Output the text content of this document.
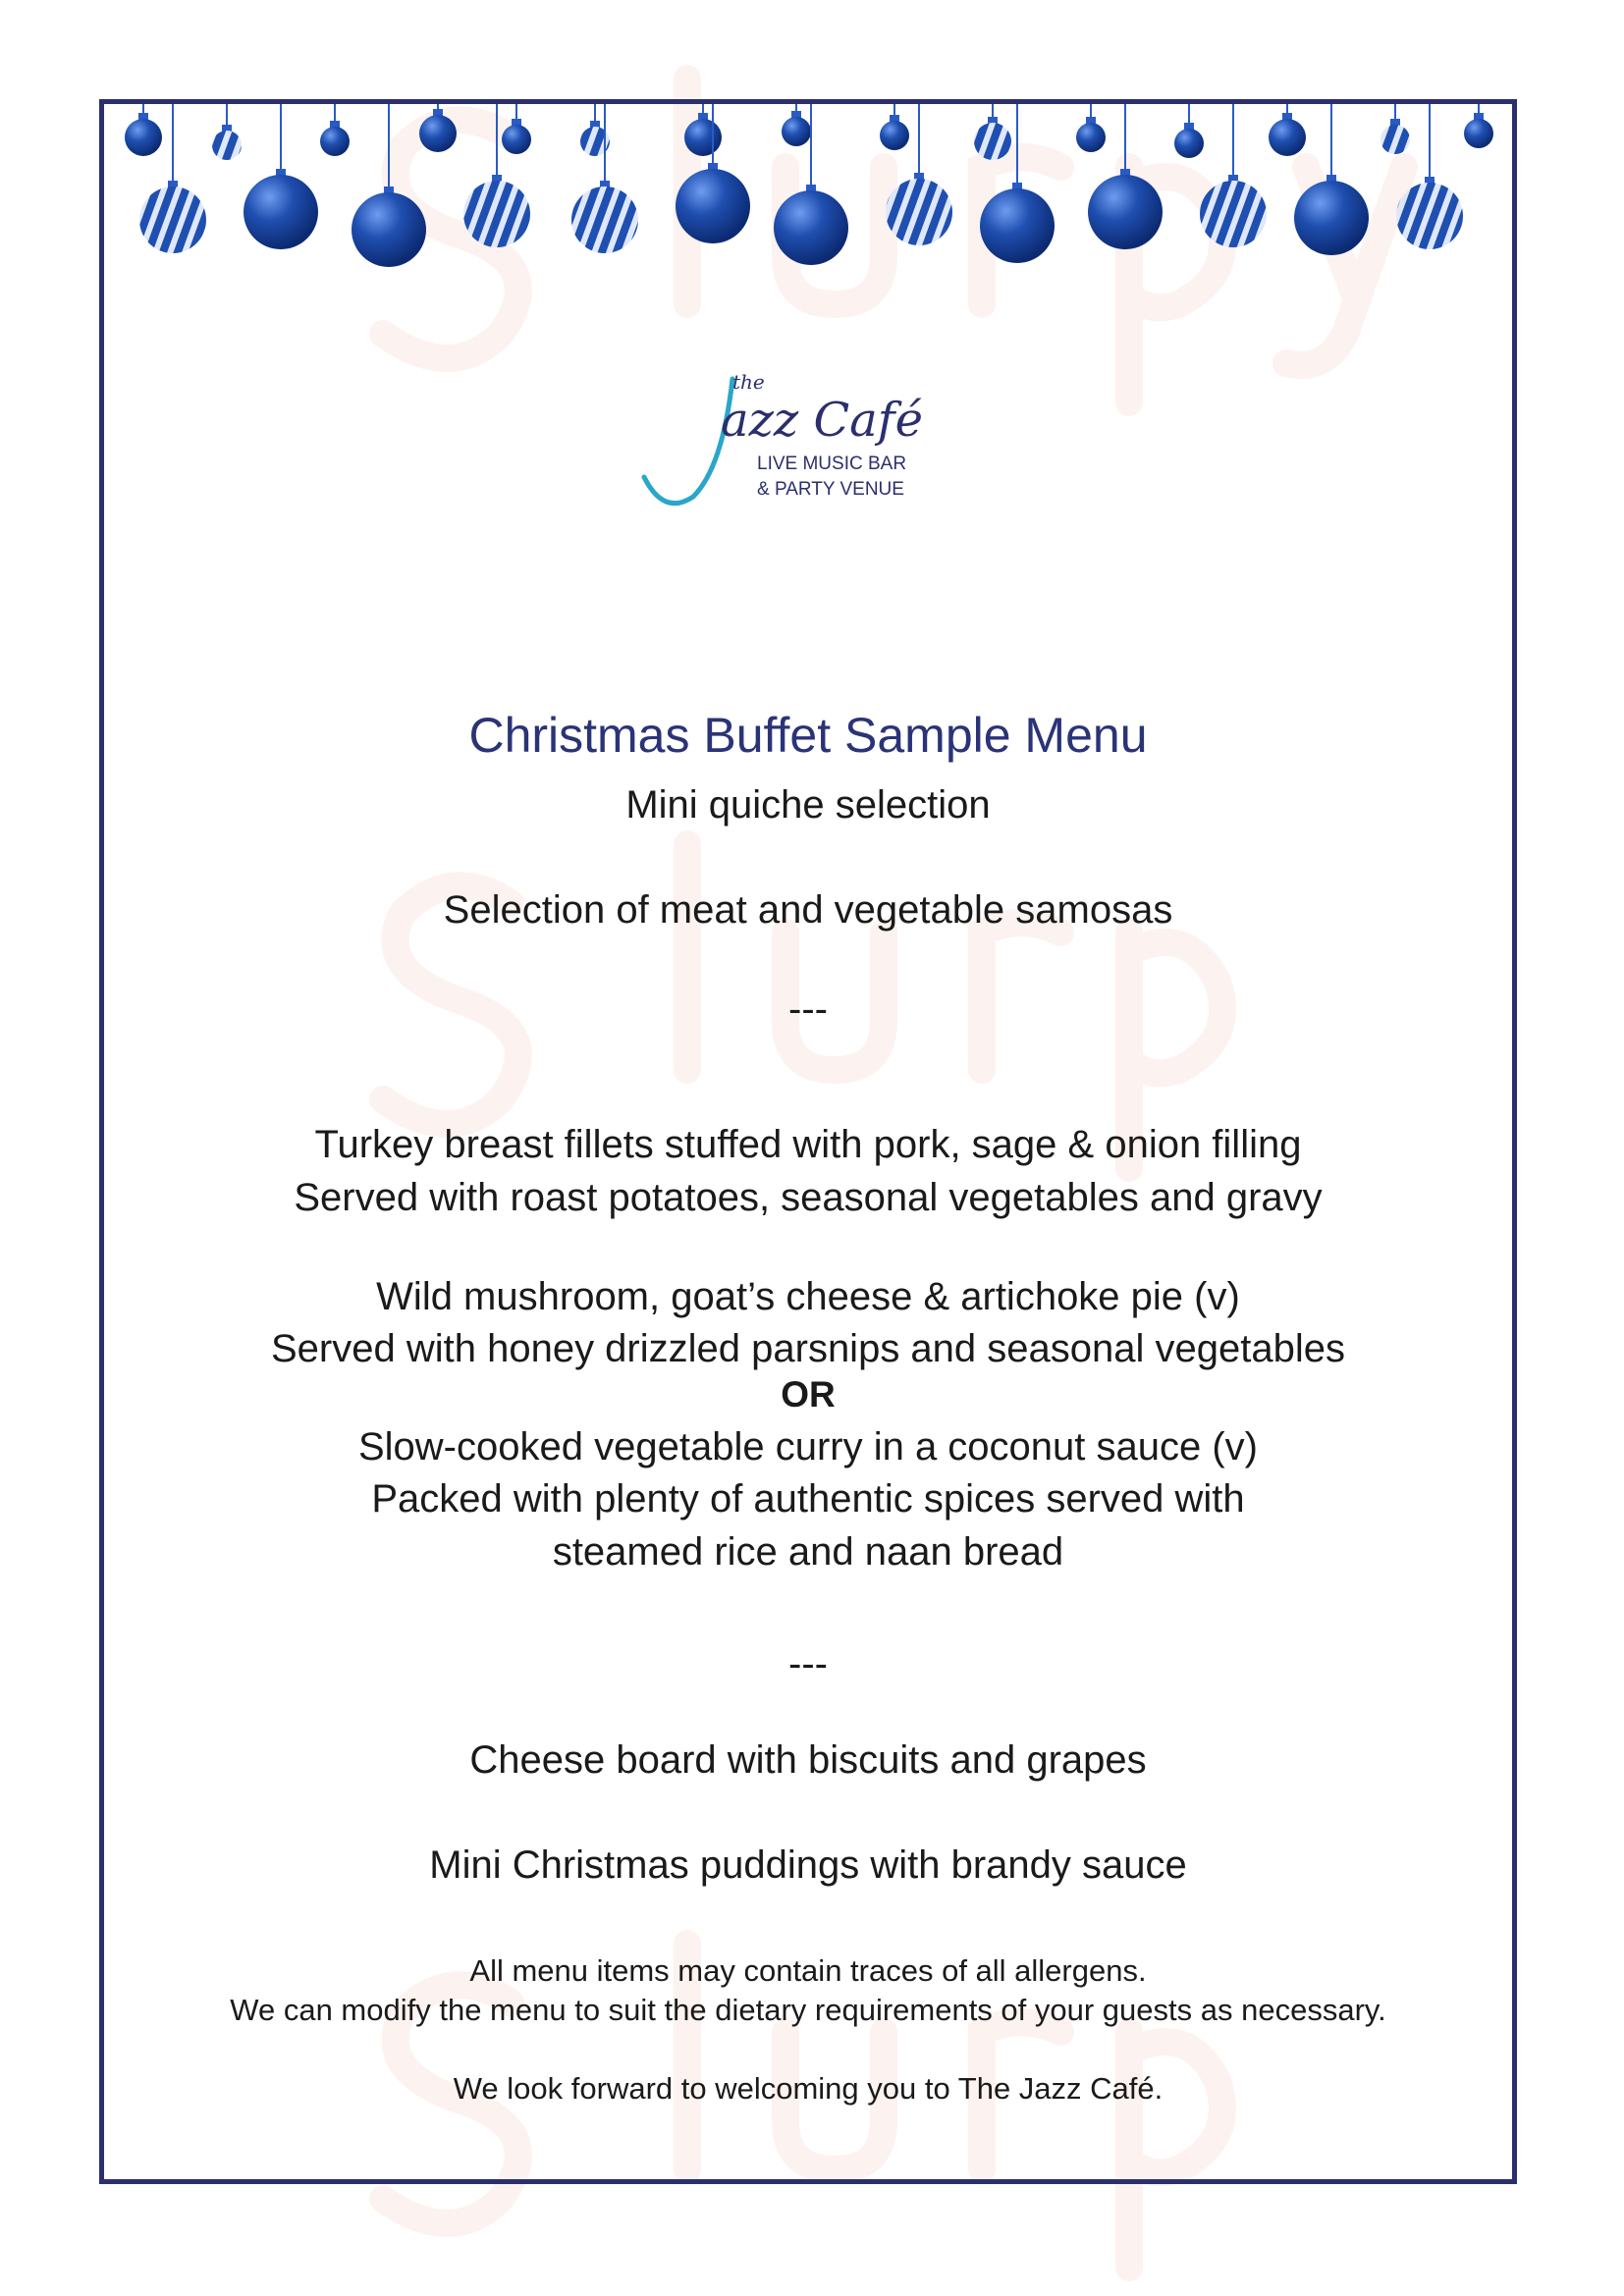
the
azz Café
LIVE MUSIC BAR
& PARTY VENUE
Christmas Buffet Sample Menu
Mini quiche selection
Selection of meat and vegetable samosas
---
Turkey breast fillets stuffed with pork, sage & onion filling
Served with roast potatoes, seasonal vegetables and gravy
Wild mushroom, goat’s cheese & artichoke pie (v)
Served with honey drizzled parsnips and seasonal vegetables
OR
Slow-cooked vegetable curry in a coconut sauce (v)
Packed with plenty of authentic spices served with
steamed rice and naan bread
---
Cheese board with biscuits and grapes
Mini Christmas puddings with brandy sauce
All menu items may contain traces of all allergens.
We can modify the menu to suit the dietary requirements of your guests as necessary.
We look forward to welcoming you to The Jazz Café.
